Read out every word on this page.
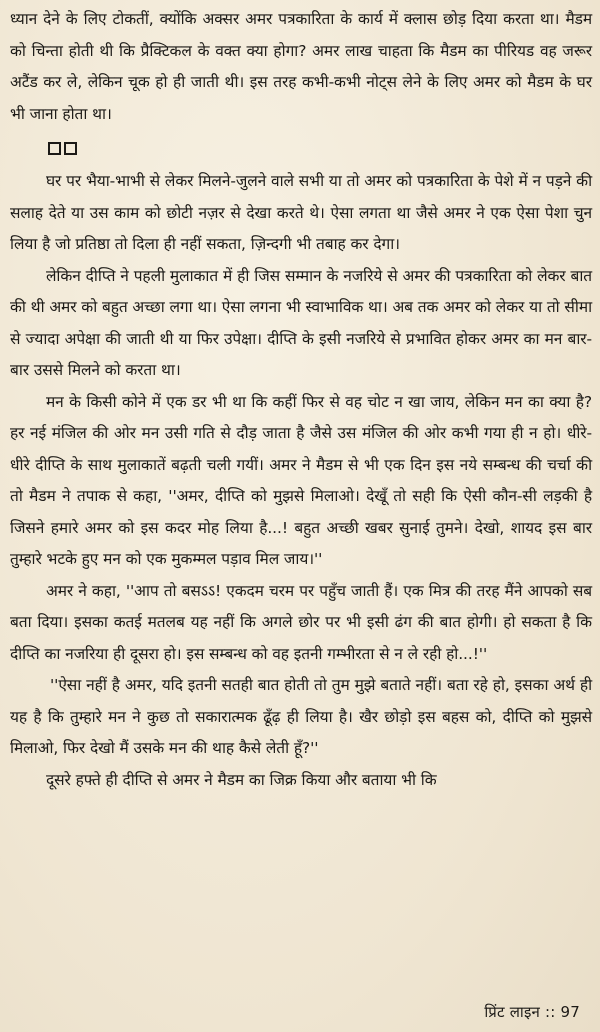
ध्यान देने के लिए टोकतीं, क्योंकि अक्सर अमर पत्रकारिता के कार्य में क्लास छोड़ दिया करता था। मैडम को चिन्ता होती थी कि प्रैक्टिकल के वक्त क्या होगा? अमर लाख चाहता कि मैडम का पीरियड वह जरूर अटैंड कर ले, लेकिन चूक हो ही जाती थी। इस तरह कभी-कभी नोट्स लेने के लिए अमर को मैडम के घर भी जाना होता था।

घर पर भैया-भाभी से लेकर मिलने-जुलने वाले सभी या तो अमर को पत्रकारिता के पेशे में न पड़ने की सलाह देते या उस काम को छोटी नज़र से देखा करते थे। ऐसा लगता था जैसे अमर ने एक ऐसा पेशा चुन लिया है जो प्रतिष्ठा तो दिला ही नहीं सकता, ज़िन्दगी भी तबाह कर देगा।

लेकिन दीप्ति ने पहली मुलाकात में ही जिस सम्मान के नजरिये से अमर की पत्रकारिता को लेकर बात की थी अमर को बहुत अच्छा लगा था। ऐसा लगना भी स्वाभाविक था। अब तक अमर को लेकर या तो सीमा से ज्यादा अपेक्षा की जाती थी या फिर उपेक्षा। दीप्ति के इसी नजरिये से प्रभावित होकर अमर का मन बार-बार उससे मिलने को करता था।

मन के किसी कोने में एक डर भी था कि कहीं फिर से वह चोट न खा जाय, लेकिन मन का क्या है? हर नई मंजिल की ओर मन उसी गति से दौड़ जाता है जैसे उस मंजिल की ओर कभी गया ही न हो। धीरे-धीरे दीप्ति के साथ मुलाकातें बढ़ती चली गयीं। अमर ने मैडम से भी एक दिन इस नये सम्बन्ध की चर्चा की तो मैडम ने तपाक से कहा, ''अमर, दीप्ति को मुझसे मिलाओ। देखूँ तो सही कि ऐसी कौन-सी लड़की है जिसने हमारे अमर को इस कदर मोह लिया है...! बहुत अच्छी खबर सुनाई तुमने। देखो, शायद इस बार तुम्हारे भटके हुए मन को एक मुकम्मल पड़ाव मिल जाय।''

अमर ने कहा, ''आप तो बसऽऽ! एकदम चरम पर पहुँच जाती हैं। एक मित्र की तरह मैंने आपको सब बता दिया। इसका कतई मतलब यह नहीं कि अगले छोर पर भी इसी ढंग की बात होगी। हो सकता है कि दीप्ति का नजरिया ही दूसरा हो। इस सम्बन्ध को वह इतनी गम्भीरता से न ले रही हो...!''

''ऐसा नहीं है अमर, यदि इतनी सतही बात होती तो तुम मुझे बताते नहीं। बता रहे हो, इसका अर्थ ही यह है कि तुम्हारे मन ने कुछ तो सकारात्मक ढूँढ़ ही लिया है। खैर छोड़ो इस बहस को, दीप्ति को मुझसे मिलाओ, फिर देखो मैं उसके मन की थाह कैसे लेती हूँ?''

दूसरे हफ्ते ही दीप्ति से अमर ने मैडम का जिक्र किया और बताया भी कि

प्रिंट लाइन :: 97
